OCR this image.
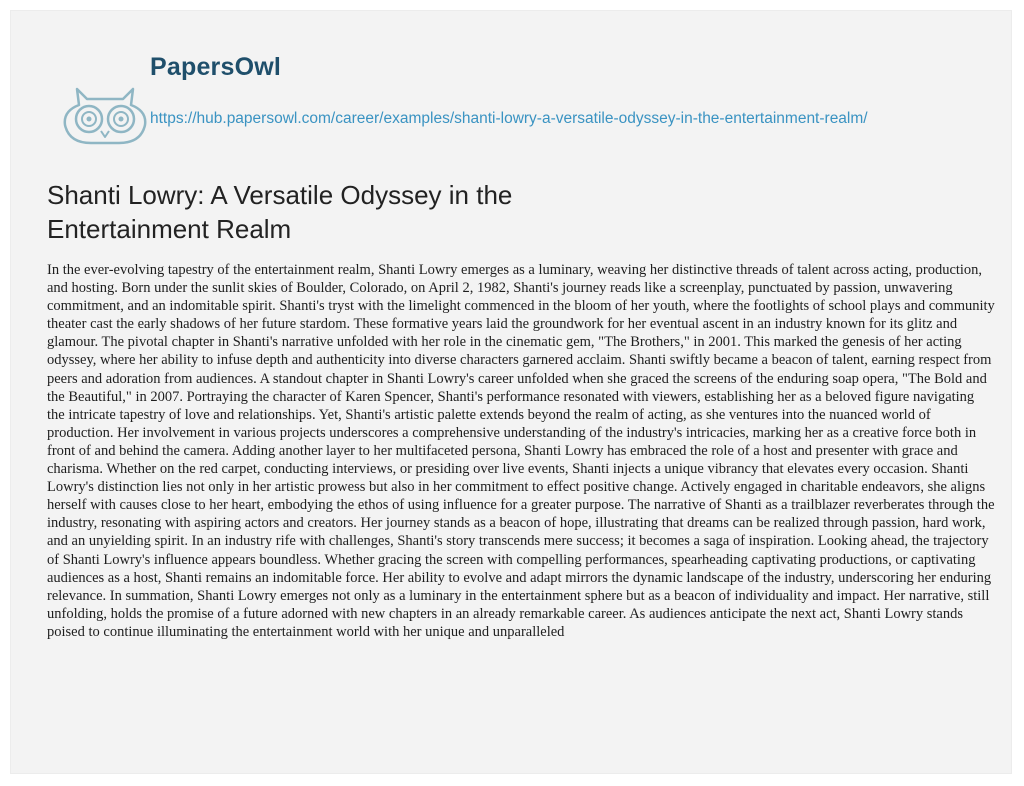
PapersOwl
https://hub.papersowl.com/career/examples/shanti-lowry-a-versatile-odyssey-in-the-entertainment-realm/
Shanti Lowry: A Versatile Odyssey in the Entertainment Realm

In the ever-evolving tapestry of the entertainment realm, Shanti Lowry emerges as a luminary, weaving her distinctive threads of talent across acting, production, and hosting. Born under the sunlit skies of Boulder, Colorado, on April 2, 1982, Shanti's journey reads like a screenplay, punctuated by passion, unwavering commitment, and an indomitable spirit. Shanti's tryst with the limelight commenced in the bloom of her youth, where the footlights of school plays and community theater cast the early shadows of her future stardom. These formative years laid the groundwork for her eventual ascent in an industry known for its glitz and glamour. The pivotal chapter in Shanti's narrative unfolded with her role in the cinematic gem, "The Brothers," in 2001. This marked the genesis of her acting odyssey, where her ability to infuse depth and authenticity into diverse characters garnered acclaim. Shanti swiftly became a beacon of talent, earning respect from peers and adoration from audiences. A standout chapter in Shanti Lowry's career unfolded when she graced the screens of the enduring soap opera, "The Bold and the Beautiful," in 2007. Portraying the character of Karen Spencer, Shanti's performance resonated with viewers, establishing her as a beloved figure navigating the intricate tapestry of love and relationships. Yet, Shanti's artistic palette extends beyond the realm of acting, as she ventures into the nuanced world of production. Her involvement in various projects underscores a comprehensive understanding of the industry's intricacies, marking her as a creative force both in front of and behind the camera. Adding another layer to her multifaceted persona, Shanti Lowry has embraced the role of a host and presenter with grace and charisma. Whether on the red carpet, conducting interviews, or presiding over live events, Shanti injects a unique vibrancy that elevates every occasion. Shanti Lowry's distinction lies not only in her artistic prowess but also in her commitment to effect positive change. Actively engaged in charitable endeavors, she aligns herself with causes close to her heart, embodying the ethos of using influence for a greater purpose. The narrative of Shanti as a trailblazer reverberates through the industry, resonating with aspiring actors and creators. Her journey stands as a beacon of hope, illustrating that dreams can be realized through passion, hard work, and an unyielding spirit. In an industry rife with challenges, Shanti's story transcends mere success; it becomes a saga of inspiration. Looking ahead, the trajectory of Shanti Lowry's influence appears boundless. Whether gracing the screen with compelling performances, spearheading captivating productions, or captivating audiences as a host, Shanti remains an indomitable force. Her ability to evolve and adapt mirrors the dynamic landscape of the industry, underscoring her enduring relevance. In summation, Shanti Lowry emerges not only as a luminary in the entertainment sphere but as a beacon of individuality and impact. Her narrative, still unfolding, holds the promise of a future adorned with new chapters in an already remarkable career. As audiences anticipate the next act, Shanti Lowry stands poised to continue illuminating the entertainment world with her unique and unparalleled
